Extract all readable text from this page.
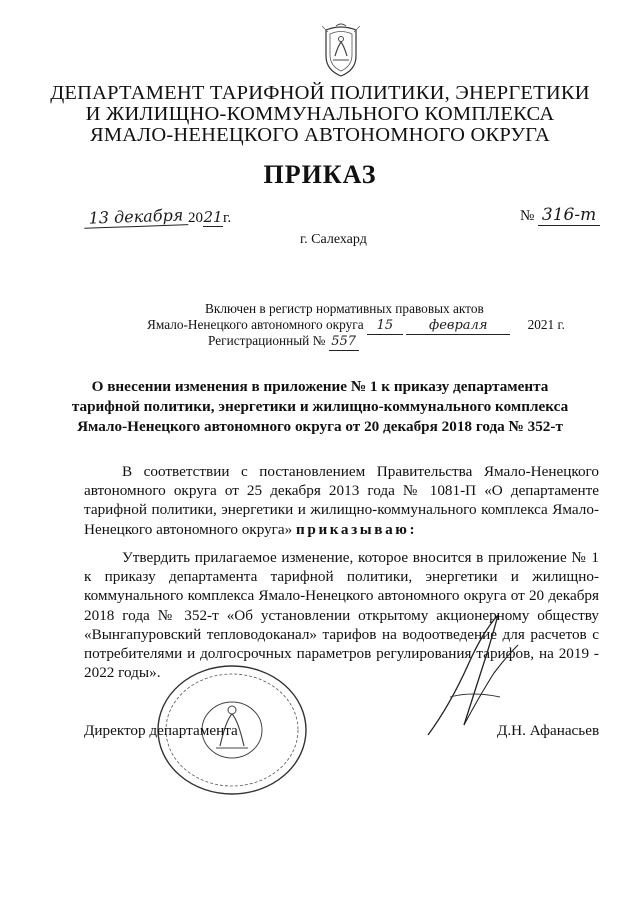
ДЕПАРТАМЕНТ ТАРИФНОЙ ПОЛИТИКИ, ЭНЕРГЕТИКИ
И ЖИЛИЩНО-КОММУНАЛЬНОГО КОМПЛЕКСА
ЯМАЛО-НЕНЕЦКОГО АВТОНОМНОГО ОКРУГА
ПРИКАЗ
13 декабря 2021г.	№ 316-т
г. Салехард
Включен в регистр нормативных правовых актов
Ямало-Ненецкого автономного округа 15	февраля	2021 г.
Регистрационный № 557
О внесении изменения в приложение № 1 к приказу департамента
тарифной политики, энергетики и жилищно-коммунального комплекса
Ямало-Ненецкого автономного округа от 20 декабря 2018 года № 352-т

В соответствии с постановлением Правительства Ямало-Ненецкого автономного округа от 25 декабря 2013 года № 1081-П «О департаменте тарифной политики, энергетики и жилищно-коммунального комплекса Ямало-Ненецкого автономного округа» приказываю:

Утвердить прилагаемое изменение, которое вносится в приложение № 1 к приказу департамента тарифной политики, энергетики и жилищно-коммунального комплекса Ямало-Ненецкого автономного округа от 20 декабря 2018 года № 352-т «Об установлении открытому акционерному обществу «Вынгапуровский тепловодоканал» тарифов на водоотведение для расчетов с потребителями и долгосрочных параметров регулирования тарифов, на 2019 - 2022 годы».

Директор департамента	Д.Н. Афанасьев
